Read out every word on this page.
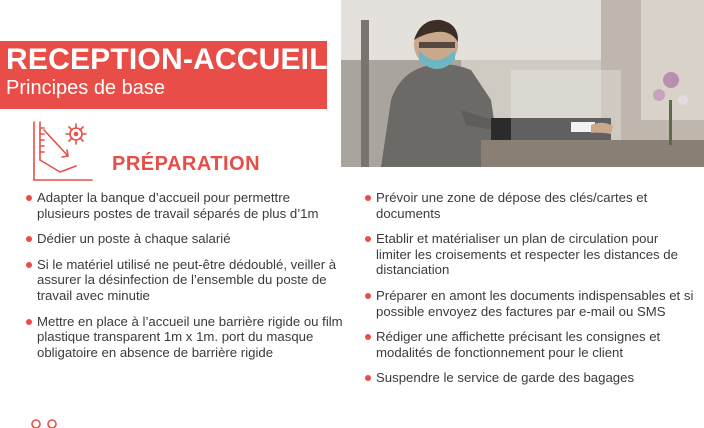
RECEPTION-ACCUEIL
Principes de base
PRÉPARATION
Adapter la banque d’accueil pour permettre plusieurs postes de travail séparés de plus d’1m
Dédier un poste à chaque salarié
Si le matériel utilisé ne peut-être dédoublé, veiller à assurer la désinfection de l’ensemble du poste de travail avec minutie
Mettre en place à l’accueil une barrière rigide ou film plastique transparent 1m x 1m. port du masque obligatoire en absence de barrière rigide
Prévoir une zone de dépose des clés/cartes et documents
Etablir et matérialiser un plan de circulation pour limiter les croisements et respecter les distances de distanciation
Préparer en amont les documents indispensables et si possible envoyez des factures par e-mail ou SMS
Rédiger une affichette précisant les consignes et modalités de fonctionnement pour le client
Suspendre le service de garde des bagages
